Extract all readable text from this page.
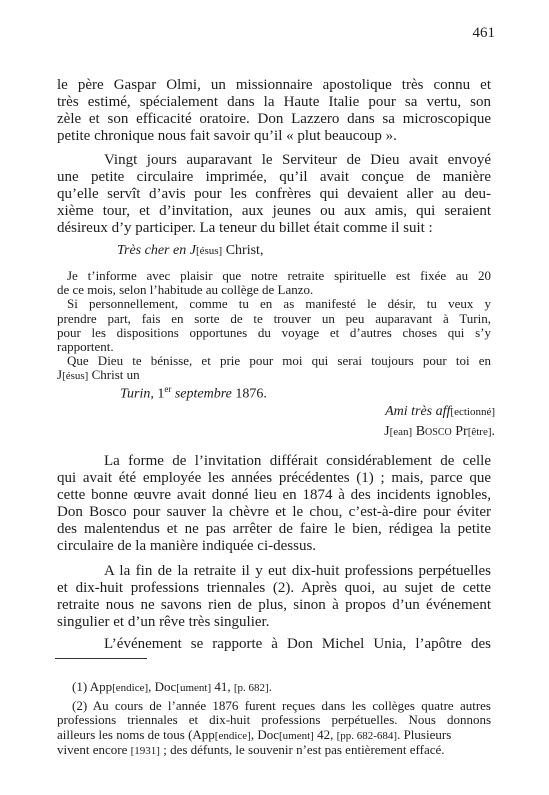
461
le père Gaspar Olmi, un missionnaire apostolique très connu et
très estimé, spécialement dans la Haute Italie pour sa vertu, son
zèle et son efficacité oratoire. Don Lazzero dans sa microscopique
petite chronique nous fait savoir qu’il « plut beaucoup ».
Vingt jours auparavant le Serviteur de Dieu avait envoyé
une petite circulaire imprimée, qu’il avait conçue de manière
qu’elle servît d’avis pour les confrères qui devaient aller au deu-
xième tour, et d’invitation, aux jeunes ou aux amis, qui seraient
désireux d’y participer. La teneur du billet était comme il suit :
Très cher en J[ésus] Christ,
Je t’informe avec plaisir que notre retraite spirituelle est fixée au 20
de ce mois, selon l’habitude au collège de Lanzo.
Si personnellement, comme tu en as manifesté le désir, tu veux y
prendre part, fais en sorte de te trouver un peu auparavant à Turin,
pour les dispositions opportunes du voyage et d’autres choses qui s’y
rapportent.
Que Dieu te bénisse, et prie pour moi qui serai toujours pour toi en
J[ésus] Christ un
Turin, 1er septembre 1876.
Ami très aff[ectionné]
J[ean] Bosco Pr[être].
La forme de l’invitation différait considérablement de celle
qui avait été employée les années précédentes (1) ; mais, parce que
cette bonne œuvre avait donné lieu en 1874 à des incidents ignobles,
Don Bosco pour sauver la chèvre et le chou, c’est-à-dire pour éviter
des malentendus et ne pas arrêter de faire le bien, rédigea la petite
circulaire de la manière indiquée ci-dessus.
A la fin de la retraite il y eut dix-huit professions perpétuelles
et dix-huit professions triennales (2). Après quoi, au sujet de cette
retraite nous ne savons rien de plus, sinon à propos d’un événement
singulier et d’un rêve très singulier.
L’événement se rapporte à Don Michel Unia, l’apôtre des
(1) App[endice], Doc[ument] 41, [p. 682].
(2) Au cours de l’année 1876 furent reçues dans les collèges quatre autres
professions triennales et dix-huit professions perpétuelles. Nous donnons
ailleurs les noms de tous (App[endice], Doc[ument] 42, [pp. 682-684]. Plusieurs
vivent encore [1931] ; des défunts, le souvenir n’est pas entièrement effacé.
